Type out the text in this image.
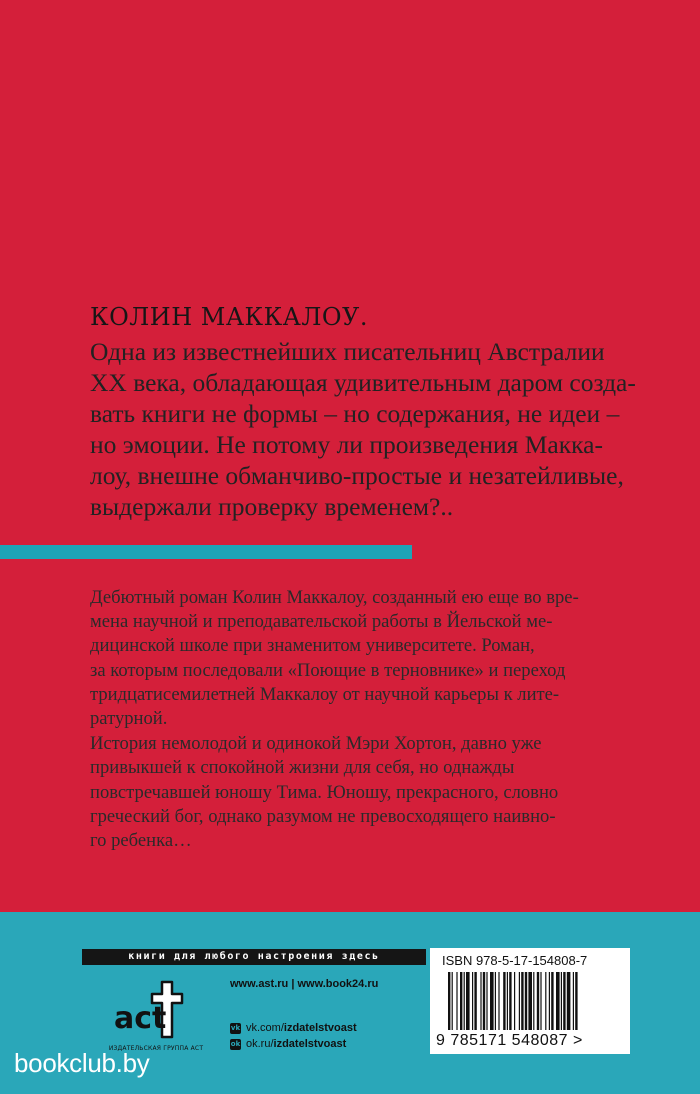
КОЛИН МАККАЛОУ.
Одна из известнейших писательниц Австралии
XX века, обладающая удивительным даром созда-
вать книги не формы – но содержания, не идеи –
но эмоции. Не потому ли произведения Макка-
лоу, внешне обманчиво-простые и незатейливые,
выдержали проверку временем?..
Дебютный роман Колин Маккалоу, созданный ею еще во вре-
мена научной и преподавательской работы в Йельской ме-
дицинской школе при знаменитом университете. Роман,
за которым последовали «Поющие в терновнике» и переход
тридцатисемилетней Маккалоу от научной карьеры к лите-
ратурной.
История немолодой и одинокой Мэри Хортон, давно уже
привыкшей к спокойной жизни для себя, но однажды
повстречавшей юношу Тима. Юношу, прекрасного, словно
греческий бог, однако разумом не превосходящего наивно-
го ребенка…
книги для любого настроения здесь
act
ИЗДАТЕЛЬСКАЯ ГРУППА АСТ
www.ast.ru | www.book24.ru
vk vk.com/ izdatelstvoast
ok ok.ru/ izdatelstvoast
ISBN 978-5-17-154808-7
9 785171 548087 >
bookclub.by
